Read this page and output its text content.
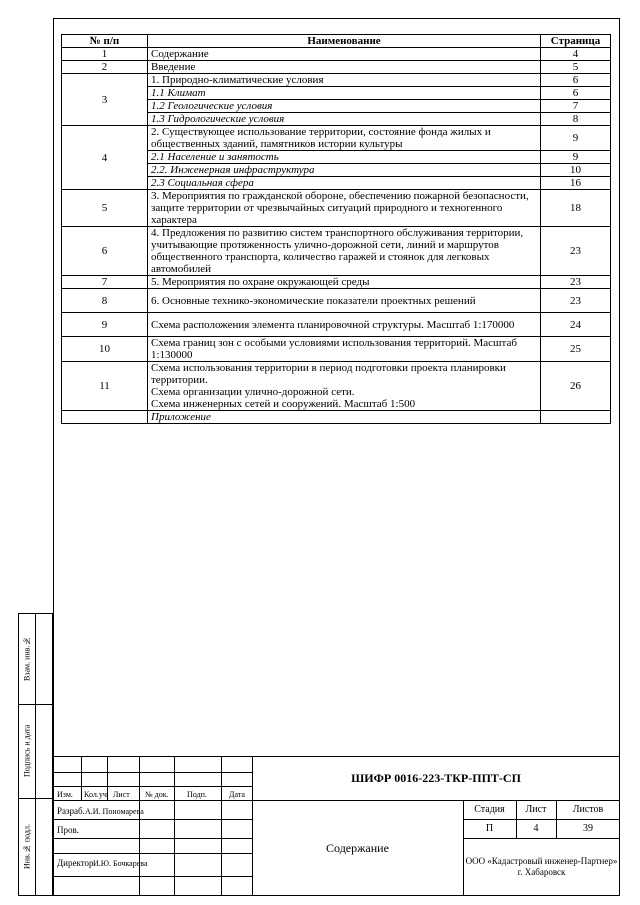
№ п/п	Наименование	Страница
1	Содержание	4
2	Введение	5
3	1. Природно-климатические условия	6
	1.1 Климат	6
	1.2 Геологические условия	7
	1.3 Гидрологические условия	8
4	2. Существующее использование территории, состояние фонда жилых и общественных зданий, памятников истории культуры	9
	2.1 Население и занятость	9
	2.2. Инженерная инфраструктура	10
	2.3 Социальная сфера	16
5	3. Мероприятия по гражданской обороне, обеспечению пожарной безопасности, защите территории от чрезвычайных ситуаций природного и техногенного характера	18
6	4. Предложения по развитию систем транспортного обслуживания территории, учитывающие протяженность улично-дорожной сети, линий и маршрутов общественного транспорта, количество гаражей и стоянок для легковых автомобилей	23
7	5. Мероприятия по охране окружающей среды	23
8	6. Основные технико-экономические показатели проектных решений	23
9	Схема расположения элемента планировочной структуры. Масштаб 1:170000	24
10	Схема границ зон с особыми условиями использования территорий. Масштаб 1:130000	25
11	Схема использования территории в период подготовки проекта планировки территории.
Схема организации улично-дорожной сети.
Схема инженерных сетей и сооружений. Масштаб 1:500	26
	Приложение	
Взам. инв.№
Подпись и дата
Инв.№ подл.
ШИФР 0016-223-ТКР-ППТ-СП
Изм. Кол.уч Лист № док. Подп.	Дата
Разраб. А.И. Пономарева
Пров.
Директор И.Ю. Бочкарева
Содержание
Стадия	Лист	Листов
П	4	39
ООО «Кадастровый инженер-Партнер»
г. Хабаровск
